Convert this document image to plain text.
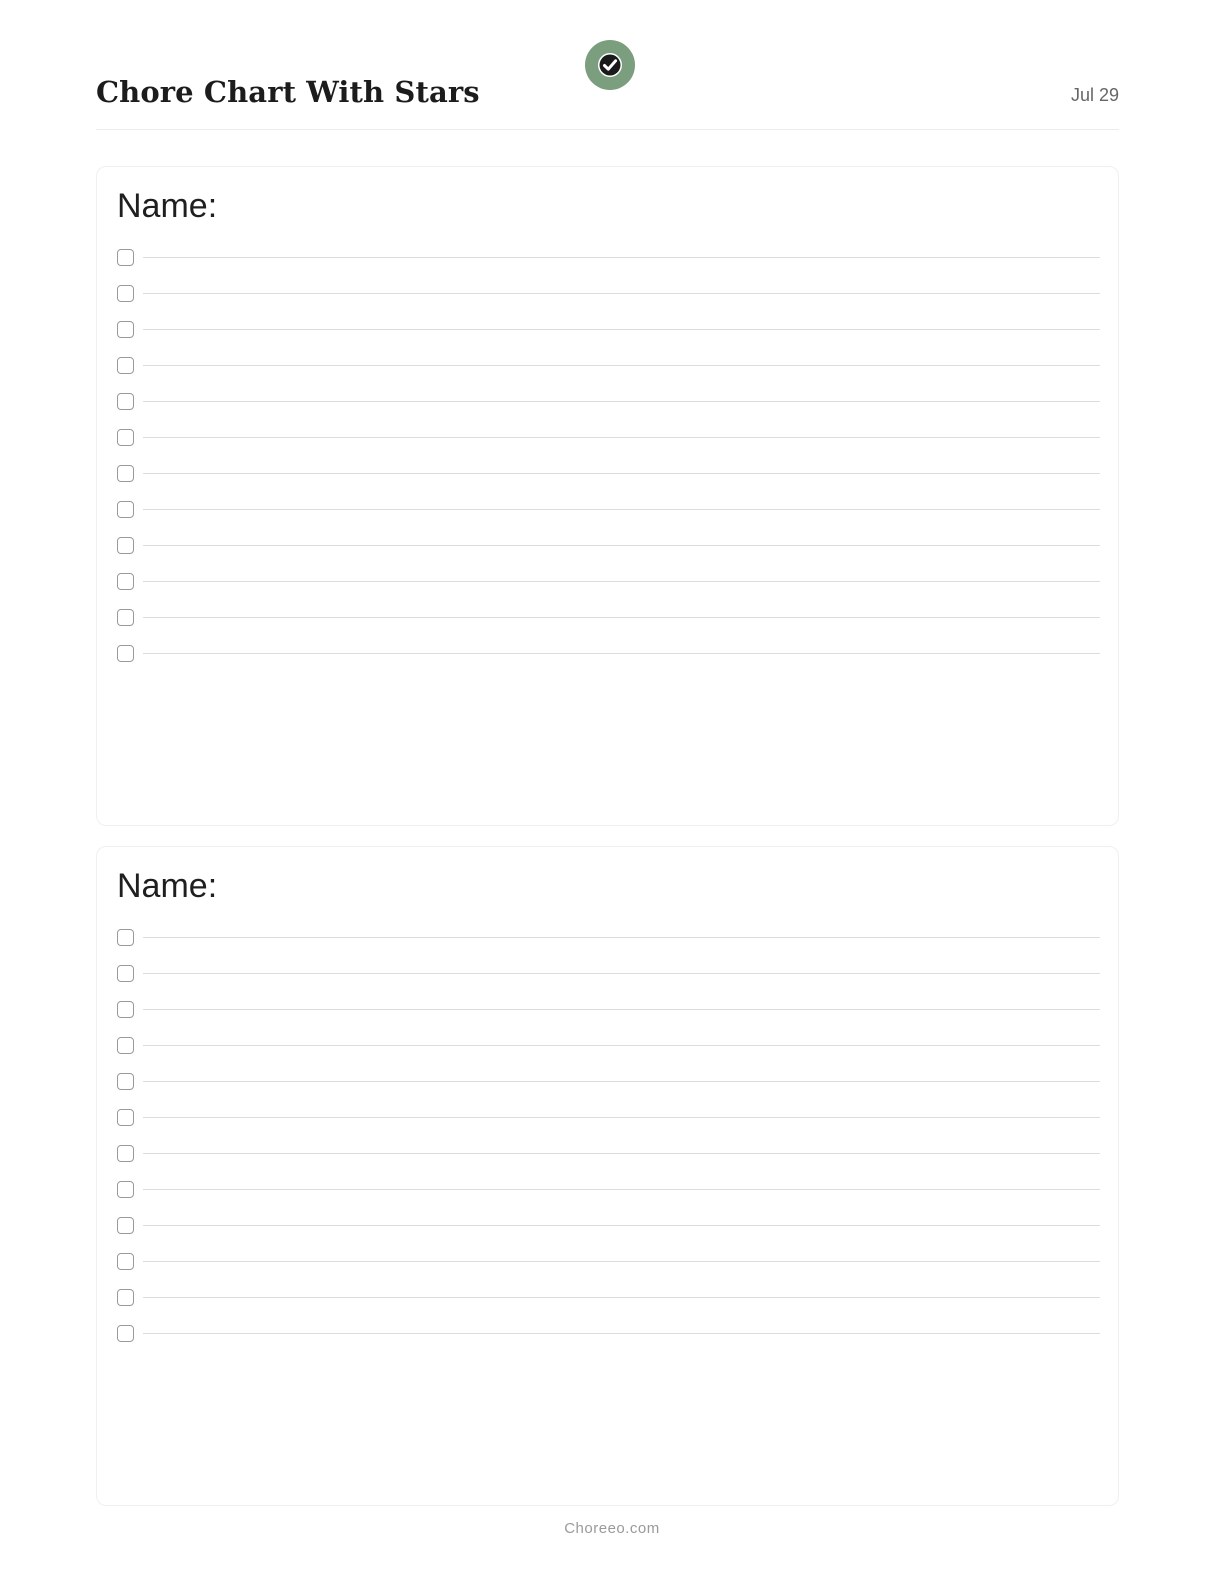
Chore Chart With Stars	Jul 29
Name:
Name:
Choreeo.com
